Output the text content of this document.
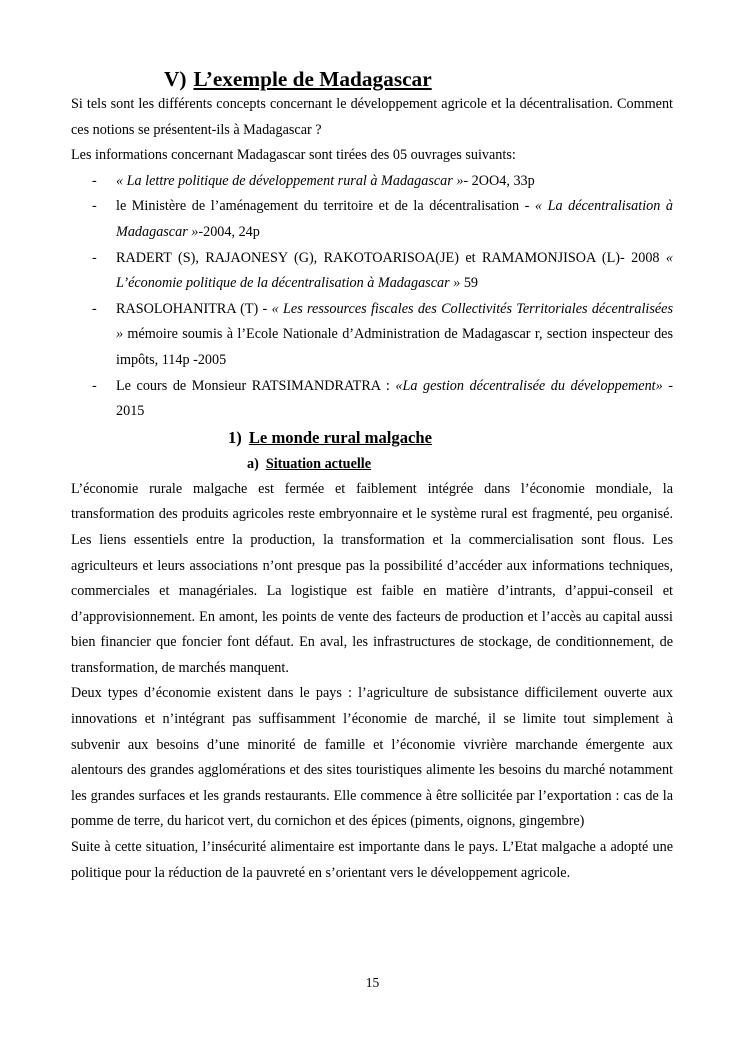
V) L’exemple de Madagascar

Si tels sont les différents concepts concernant le développement agricole et la décentralisation. Comment ces notions se présentent-ils à Madagascar ?

Les informations concernant Madagascar sont tirées des 05 ouvrages suivants:

- « La lettre politique de développement rural à Madagascar »- 2OO4, 33p
- le Ministère de l’aménagement du territoire et de la décentralisation - « La décentralisation à Madagascar »-2004, 24p
- RADERT (S), RAJAONESY (G), RAKOTOARISOA(JE) et RAMAMONJISOA (L)- 2008 « L’économie politique de la décentralisation à Madagascar » 59
- RASOLOHANITRA (T) - « Les ressources fiscales des Collectivités Territoriales décentralisées » mémoire soumis à l’Ecole Nationale d’Administration de Madagascar r, section inspecteur des impôts, 114p -2005
- Le cours de Monsieur RATSIMANDRATRA : «La gestion décentralisée du développement» - 2015
1) Le monde rural malgache
a) Situation actuelle

L’économie rurale malgache est fermée et faiblement intégrée dans l’économie mondiale, la transformation des produits agricoles reste embryonnaire et le système rural est fragmenté, peu organisé. Les liens essentiels entre la production, la transformation et la commercialisation sont flous. Les agriculteurs et leurs associations n’ont presque pas la possibilité d’accéder aux informations techniques, commerciales et managériales. La logistique est faible en matière d’intrants, d’appui-conseil et d’approvisionnement. En amont, les points de vente des facteurs de production et l’accès au capital aussi bien financier que foncier font défaut. En aval, les infrastructures de stockage, de conditionnement, de transformation, de marchés manquent.

Deux types d’économie existent dans le pays : l’agriculture de subsistance difficilement ouverte aux innovations et n’intégrant pas suffisamment l’économie de marché, il se limite tout simplement à subvenir aux besoins d’une minorité de famille et l’économie vivrière marchande émergente aux alentours des grandes agglomérations et des sites touristiques alimente les besoins du marché notamment les grandes surfaces et les grands restaurants. Elle commence à être sollicitée par l’exportation : cas de la pomme de terre, du haricot vert, du cornichon et des épices (piments, oignons, gingembre)

Suite à cette situation, l’insécurité alimentaire est importante dans le pays. L’Etat malgache a adopté une politique pour la réduction de la pauvreté en s’orientant vers le développement agricole.

15
